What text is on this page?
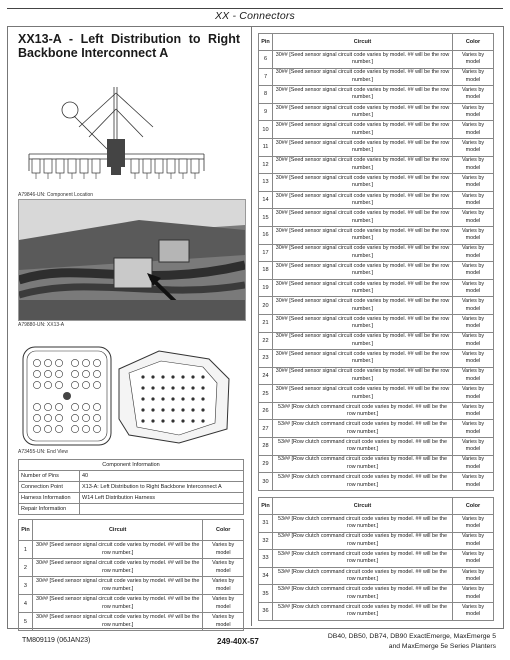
XX - Connectors
XX13-A - Left Distribution to Right Backbone Interconnect A
A79846-UN: Component Location
A79880-UN: XX13-A
A73455-UN: End View
Component Information	
Number of Pins	40
Connection Point	X13-A: Left Distribution to Right Backbone Interconnect A
Harness Information	W14 Left Distribution Harness
Repair Information	
Pin	Circuit	Color
1	30## [Seed sensor signal circuit code varies by model. ## will be the row number.]	Varies by model
2	30## [Seed sensor signal circuit code varies by model. ## will be the row number.]	Varies by model
3	30## [Seed sensor signal circuit code varies by model. ## will be the row number.]	Varies by model
4	30## [Seed sensor signal circuit code varies by model. ## will be the row number.]	Varies by model
5	30## [Seed sensor signal circuit code varies by model. ## will be the row number.]	Varies by model
Pin	Circuit	Color
6	30## [Seed sensor signal circuit code varies by model. ## will be the row number.]	Varies by model
7	30## [Seed sensor signal circuit code varies by model. ## will be the row number.]	Varies by model
8	30## [Seed sensor signal circuit code varies by model. ## will be the row number.]	Varies by model
9	30## [Seed sensor signal circuit code varies by model. ## will be the row number.]	Varies by model
10	30## [Seed sensor signal circuit code varies by model. ## will be the row number.]	Varies by model
11	30## [Seed sensor signal circuit code varies by model. ## will be the row number.]	Varies by model
12	30## [Seed sensor signal circuit code varies by model. ## will be the row number.]	Varies by model
13	30## [Seed sensor signal circuit code varies by model. ## will be the row number.]	Varies by model
14	30## [Seed sensor signal circuit code varies by model. ## will be the row number.]	Varies by model
15	30## [Seed sensor signal circuit code varies by model. ## will be the row number.]	Varies by model
16	30## [Seed sensor signal circuit code varies by model. ## will be the row number.]	Varies by model
17	30## [Seed sensor signal circuit code varies by model. ## will be the row number.]	Varies by model
18	30## [Seed sensor signal circuit code varies by model. ## will be the row number.]	Varies by model
19	30## [Seed sensor signal circuit code varies by model. ## will be the row number.]	Varies by model
20	30## [Seed sensor signal circuit code varies by model. ## will be the row number.]	Varies by model
21	30## [Seed sensor signal circuit code varies by model. ## will be the row number.]	Varies by model
22	30## [Seed sensor signal circuit code varies by model. ## will be the row number.]	Varies by model
23	30## [Seed sensor signal circuit code varies by model. ## will be the row number.]	Varies by model
24	30## [Seed sensor signal circuit code varies by model. ## will be the row number.]	Varies by model
25	30## [Seed sensor signal circuit code varies by model. ## will be the row number.]	Varies by model
26	53## [Row clutch command circuit code varies by model. ## will be the row number.]	Varies by model
27	53## [Row clutch command circuit code varies by model. ## will be the row number.]	Varies by model
28	53## [Row clutch command circuit code varies by model. ## will be the row number.]	Varies by model
29	53## [Row clutch command circuit code varies by model. ## will be the row number.]	Varies by model
30	53## [Row clutch command circuit code varies by model. ## will be the row number.]	Varies by model
Pin	Circuit	Color
31	53## [Row clutch command circuit code varies by model. ## will be the row number.]	Varies by model
32	53## [Row clutch command circuit code varies by model. ## will be the row number.]	Varies by model
33	53## [Row clutch command circuit code varies by model. ## will be the row number.]	Varies by model
34	53## [Row clutch command circuit code varies by model. ## will be the row number.]	Varies by model
35	53## [Row clutch command circuit code varies by model. ## will be the row number.]	Varies by model
36	53## [Row clutch command circuit code varies by model. ## will be the row number.]	Varies by model
TM809119 (06JAN23)	249-40X-57
DB40, DB50, DB74, DB90 ExactEmerge, MaxEmerge 5
and MaxEmerge 5e Series Planters
